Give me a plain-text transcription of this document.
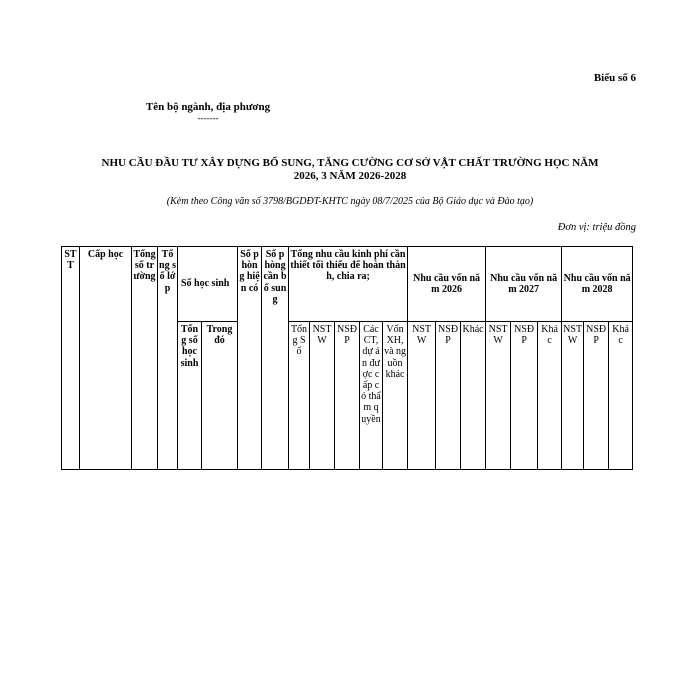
Biểu số 6
Tên bộ ngành, địa phương
-------
NHU CẦU ĐẦU TƯ XÂY DỰNG BỔ SUNG, TĂNG CƯỜNG CƠ SỞ VẬT CHẤT TRƯỜNG HỌC NĂM
2026, 3 NĂM 2026-2028
(Kèm theo Công văn số 3798/BGDĐT-KHTC ngày 08/7/2025 của Bộ Giáo dục và Đào tạo)
Đơn vị: triệu đồng
STT	Cấp học	Tổng số trường	Tổng số lớp	Số học sinh		Số phòng hiện có	Số phòng cần bổ sung	Tổng nhu cầu kinh phí cần thiết tối thiểu để hoàn thành, chia ra;					Nhu cầu vốn năm 2026			Nhu cầu vốn năm 2027			Nhu cầu vốn năm 2028		
				Tổng số học sinh	Trong đó			Tổng Số	NSTW	NSĐP	Các CT, dự án được cấp có thẩm quyền	Vốn XH, và nguồn khác	NSTW	NSĐP	Khác	NSTW	NSĐP	Khác	NSTW	NSĐP	Khác
